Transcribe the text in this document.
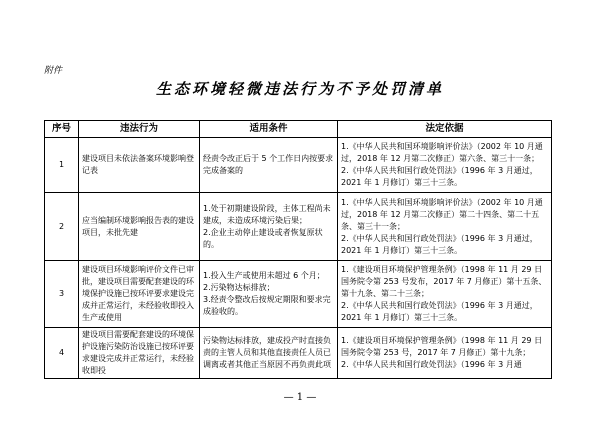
附件
生态环境轻微违法行为不予处罚清单
序号	违法行为	适用条件	法定依据
1	建设项目未依法备案环境影响登记表	经责令改正后于 5 个工作日内按要求完成备案的	1.《中华人民共和国环境影响评价法》（2002 年 10 月通过，2018 年 12 月第二次修正）第六条、第三十一条；
2.《中华人民共和国行政处罚法》（1996 年 3 月通过，2021 年 1 月修订）第三十三条。

2	应当编制环境影响报告表的建设项目，未批先建	1.处于初期建设阶段，主体工程尚未建成，未造成环境污染后果；
2.企业主动停止建设或者恢复原状的。	1.《中华人民共和国环境影响评价法》（2002 年 10 月通过，2018 年 12 月第二次修正）第二十四条、第二十五条、第三十一条；
2.《中华人民共和国行政处罚法》（1996 年 3 月通过，2021 年 1 月修订）第三十三条。

3	建设项目环境影响评价文件已审批，建设项目需要配套建设的环境保护设施已按环评要求建设完成并正常运行，未经验收即投入生产或使用	1.投入生产或使用未超过 6 个月；
2.污染物达标排放；
3.经责令整改后按规定期限和要求完成验收的。	1.《建设项目环境保护管理条例》（1998 年 11 月 29 日国务院令第 253 号发布，2017 年 7 月修正）第十五条、第十九条、第二十三条；
2.《中华人民共和国行政处罚法》（1996 年 3 月通过，2021 年 1 月修订）第三十三条。

4	建设项目需要配套建设的环境保护设施污染防治设施已按环评要求建设完成并正常运行，未经验收即投	污染物达标排放，建成投产时直接负责的主管人员和其他直接责任人员已调离或者其他正当原因不再负责此项	1.《建设项目环境保护管理条例》（1998 年 11 月 29 日国务院令第 253 号，2017 年 7 月修正）第十九条；
2.《中华人民共和国行政处罚法》（1996 年 3 月通
— 1 —
